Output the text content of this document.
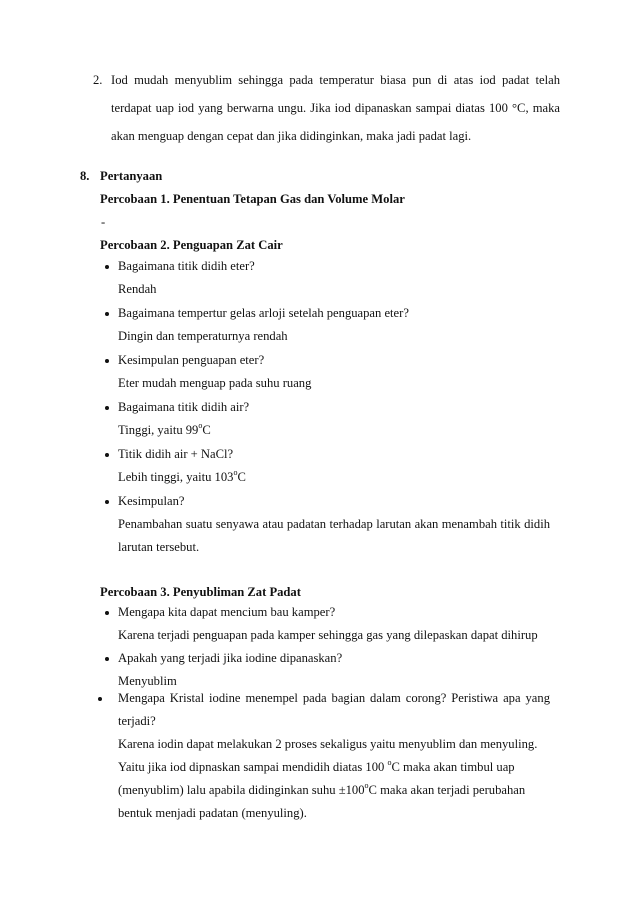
2. Iod mudah menyublim sehingga pada temperatur biasa pun di atas iod padat telah
terdapat uap iod yang berwarna ungu. Jika iod dipanaskan sampai diatas 100 °C, maka
akan menguap dengan cepat dan jika didinginkan, maka jadi padat lagi.
8. Pertanyaan
Percobaan 1. Penentuan Tetapan Gas dan Volume Molar
-
Percobaan 2. Penguapan Zat Cair
Bagaimana titik didih eter?
Rendah
Bagaimana tempertur gelas arloji setelah penguapan eter?
Dingin dan temperaturnya rendah
Kesimpulan penguapan eter?
Eter mudah menguap pada suhu ruang
Bagaimana titik didih air?
Tinggi, yaitu 99$^o$C
Titik didih air + NaCl?
Lebih tinggi, yaitu 103$^o$C
Kesimpulan?
Penambahan suatu senyawa atau padatan terhadap larutan akan menambah titik didih
larutan tersebut.
Percobaan 3. Penyubliman Zat Padat
Mengapa kita dapat mencium bau kamper?
Karena terjadi penguapan pada kamper sehingga gas yang dilepaskan dapat dihirup
Apakah yang terjadi jika iodine dipanaskan?
Menyublim
Mengapa Kristal iodine menempel pada bagian dalam corong? Peristiwa apa yang
terjadi?
Karena iodin dapat melakukan 2 proses sekaligus yaitu menyublim dan menyuling.
Yaitu jika iod dipnaskan sampai mendidih diatas 100 $^o$C maka akan timbul uap
(menyublim) lalu apabila didinginkan suhu $\pm 100^oC$ maka akan terjadi perubahan
bentuk menjadi padatan (menyuling).
